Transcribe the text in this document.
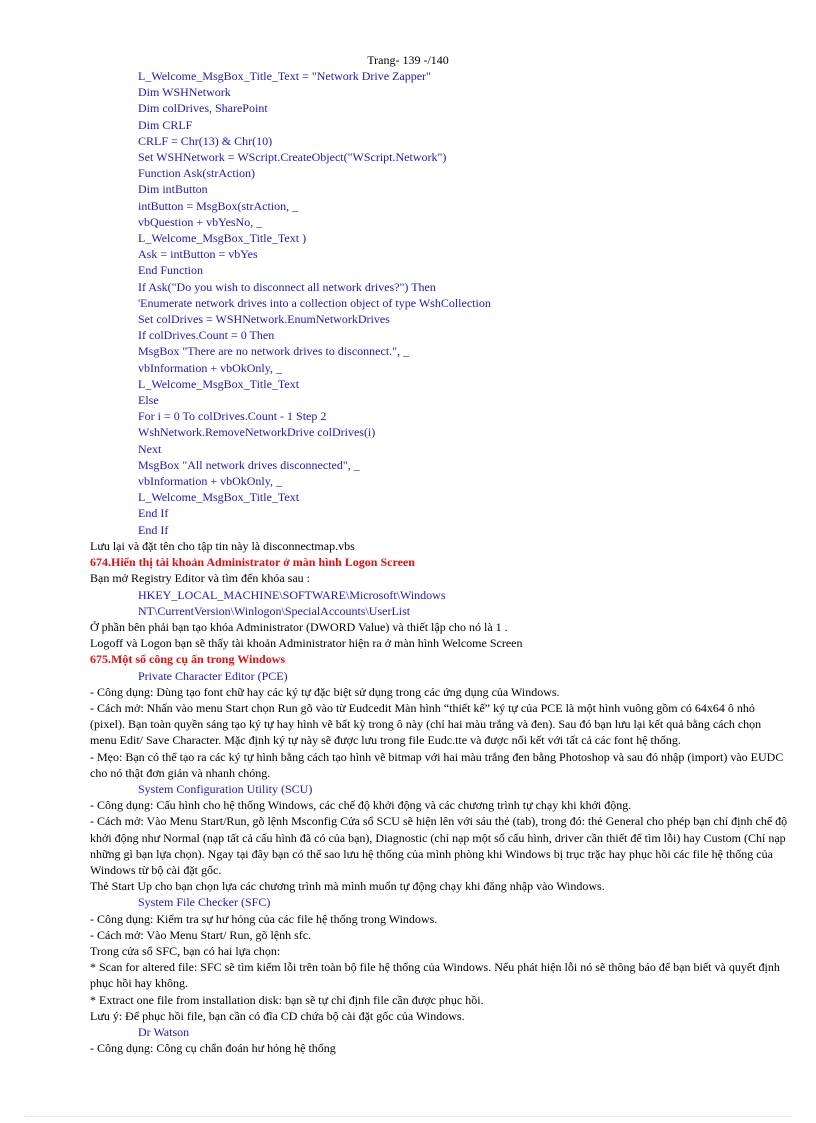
Trang- 139 -/140
L_Welcome_MsgBox_Title_Text = "Network Drive Zapper"
Dim WSHNetwork
Dim colDrives, SharePoint
Dim CRLF
CRLF = Chr(13) & Chr(10)
Set WSHNetwork = WScript.CreateObject("WScript.Network")
Function Ask(strAction)
Dim intButton
intButton = MsgBox(strAction, _
vbQuestion + vbYesNo, _
L_Welcome_MsgBox_Title_Text )
Ask = intButton = vbYes
End Function
If Ask("Do you wish to disconnect all network drives?") Then
'Enumerate network drives into a collection object of type WshCollection
Set colDrives = WSHNetwork.EnumNetworkDrives
If colDrives.Count = 0 Then
MsgBox "There are no network drives to disconnect.", _
vbInformation + vbOkOnly, _
L_Welcome_MsgBox_Title_Text
Else
For i = 0 To colDrives.Count - 1 Step 2
WshNetwork.RemoveNetworkDrive colDrives(i)
Next
MsgBox "All network drives disconnected", _
vbInformation + vbOkOnly, _
L_Welcome_MsgBox_Title_Text
End If
End If
Lưu lại và đặt tên cho tập tin này là disconnectmap.vbs
674.Hiển thị tài khoản Administrator ở màn hình Logon Screen
Bạn mở Registry Editor và tìm đến khóa sau :
HKEY_LOCAL_MACHINE\SOFTWARE\Microsoft\Windows
NT\CurrentVersion\Winlogon\SpecialAccounts\UserList
Ở phần bên phải bạn tạo khóa Administrator (DWORD Value) và thiết lập cho nó là 1 .
Logoff và Logon bạn sẽ thấy tài khoản Administrator hiện ra ở màn hình Welcome Screen
675.Một số công cụ ẩn trong Windows
Private Character Editor (PCE)
- Công dụng: Dùng tạo font chữ hay các ký tự đặc biệt sử dụng trong các ứng dụng của Windows.
- Cách mở: Nhấn vào menu Start chọn Run gõ vào từ Eudcedit Màn hình “thiết kế” ký tự của PCE là một hình vuông gồm có 64x64 ô nhỏ (pixel). Bạn toàn quyền sáng tạo ký tự hay hình vẽ bất kỳ trong ô này (chỉ hai màu trắng và đen). Sau đó bạn lưu lại kết quả bằng cách chọn menu Edit/ Save Character. Mặc định ký tự này sẽ được lưu trong file Eudc.tte và được nối kết với tất cả các font hệ thống.
- Mẹo: Bạn có thể tạo ra các ký tự hình bằng cách tạo hình vẽ bitmap với hai màu trắng đen bằng Photoshop và sau đó nhập (import) vào EUDC cho nó thật đơn giản và nhanh chóng.
System Configuration Utility (SCU)
- Công dụng: Cấu hình cho hệ thống Windows, các chế độ khởi động và các chương trình tự chạy khi khởi động.
- Cách mở: Vào Menu Start/Run, gõ lệnh Msconfig Cửa sổ SCU sẽ hiện lên với sáu thẻ (tab), trong đó: thẻ General cho phép bạn chỉ định chế độ khởi động như Normal (nạp tất cả cấu hình đã có của bạn), Diagnostic (chỉ nạp một số cấu hình, driver cần thiết để tìm lỗi) hay Custom (Chỉ nạp những gì bạn lựa chọn). Ngay tại đây bạn có thể sao lưu hệ thống của mình phòng khi Windows bị trục trặc hay phục hồi các file hệ thống của Windows từ bộ cài đặt gốc.
Thẻ Start Up cho bạn chọn lựa các chương trình mà mình muốn tự động chạy khi đăng nhập vào Windows.
System File Checker (SFC)
- Công dụng: Kiểm tra sự hư hỏng của các file hệ thống trong Windows.
- Cách mở: Vào Menu Start/ Run, gõ lệnh sfc.
Trong cửa sổ SFC, bạn có hai lựa chọn:
* Scan for altered file: SFC sẽ tìm kiếm lỗi trên toàn bộ file hệ thống của Windows. Nếu phát hiện lỗi nó sẽ thông báo để bạn biết và quyết định phục hồi hay không.
* Extract one file from installation disk: bạn sẽ tự chỉ định file cần được phục hồi.
Lưu ý: Để phục hồi file, bạn cần có đĩa CD chứa bộ cài đặt gốc của Windows.
Dr Watson
- Công dụng: Công cụ chẩn đoán hư hỏng hệ thống
